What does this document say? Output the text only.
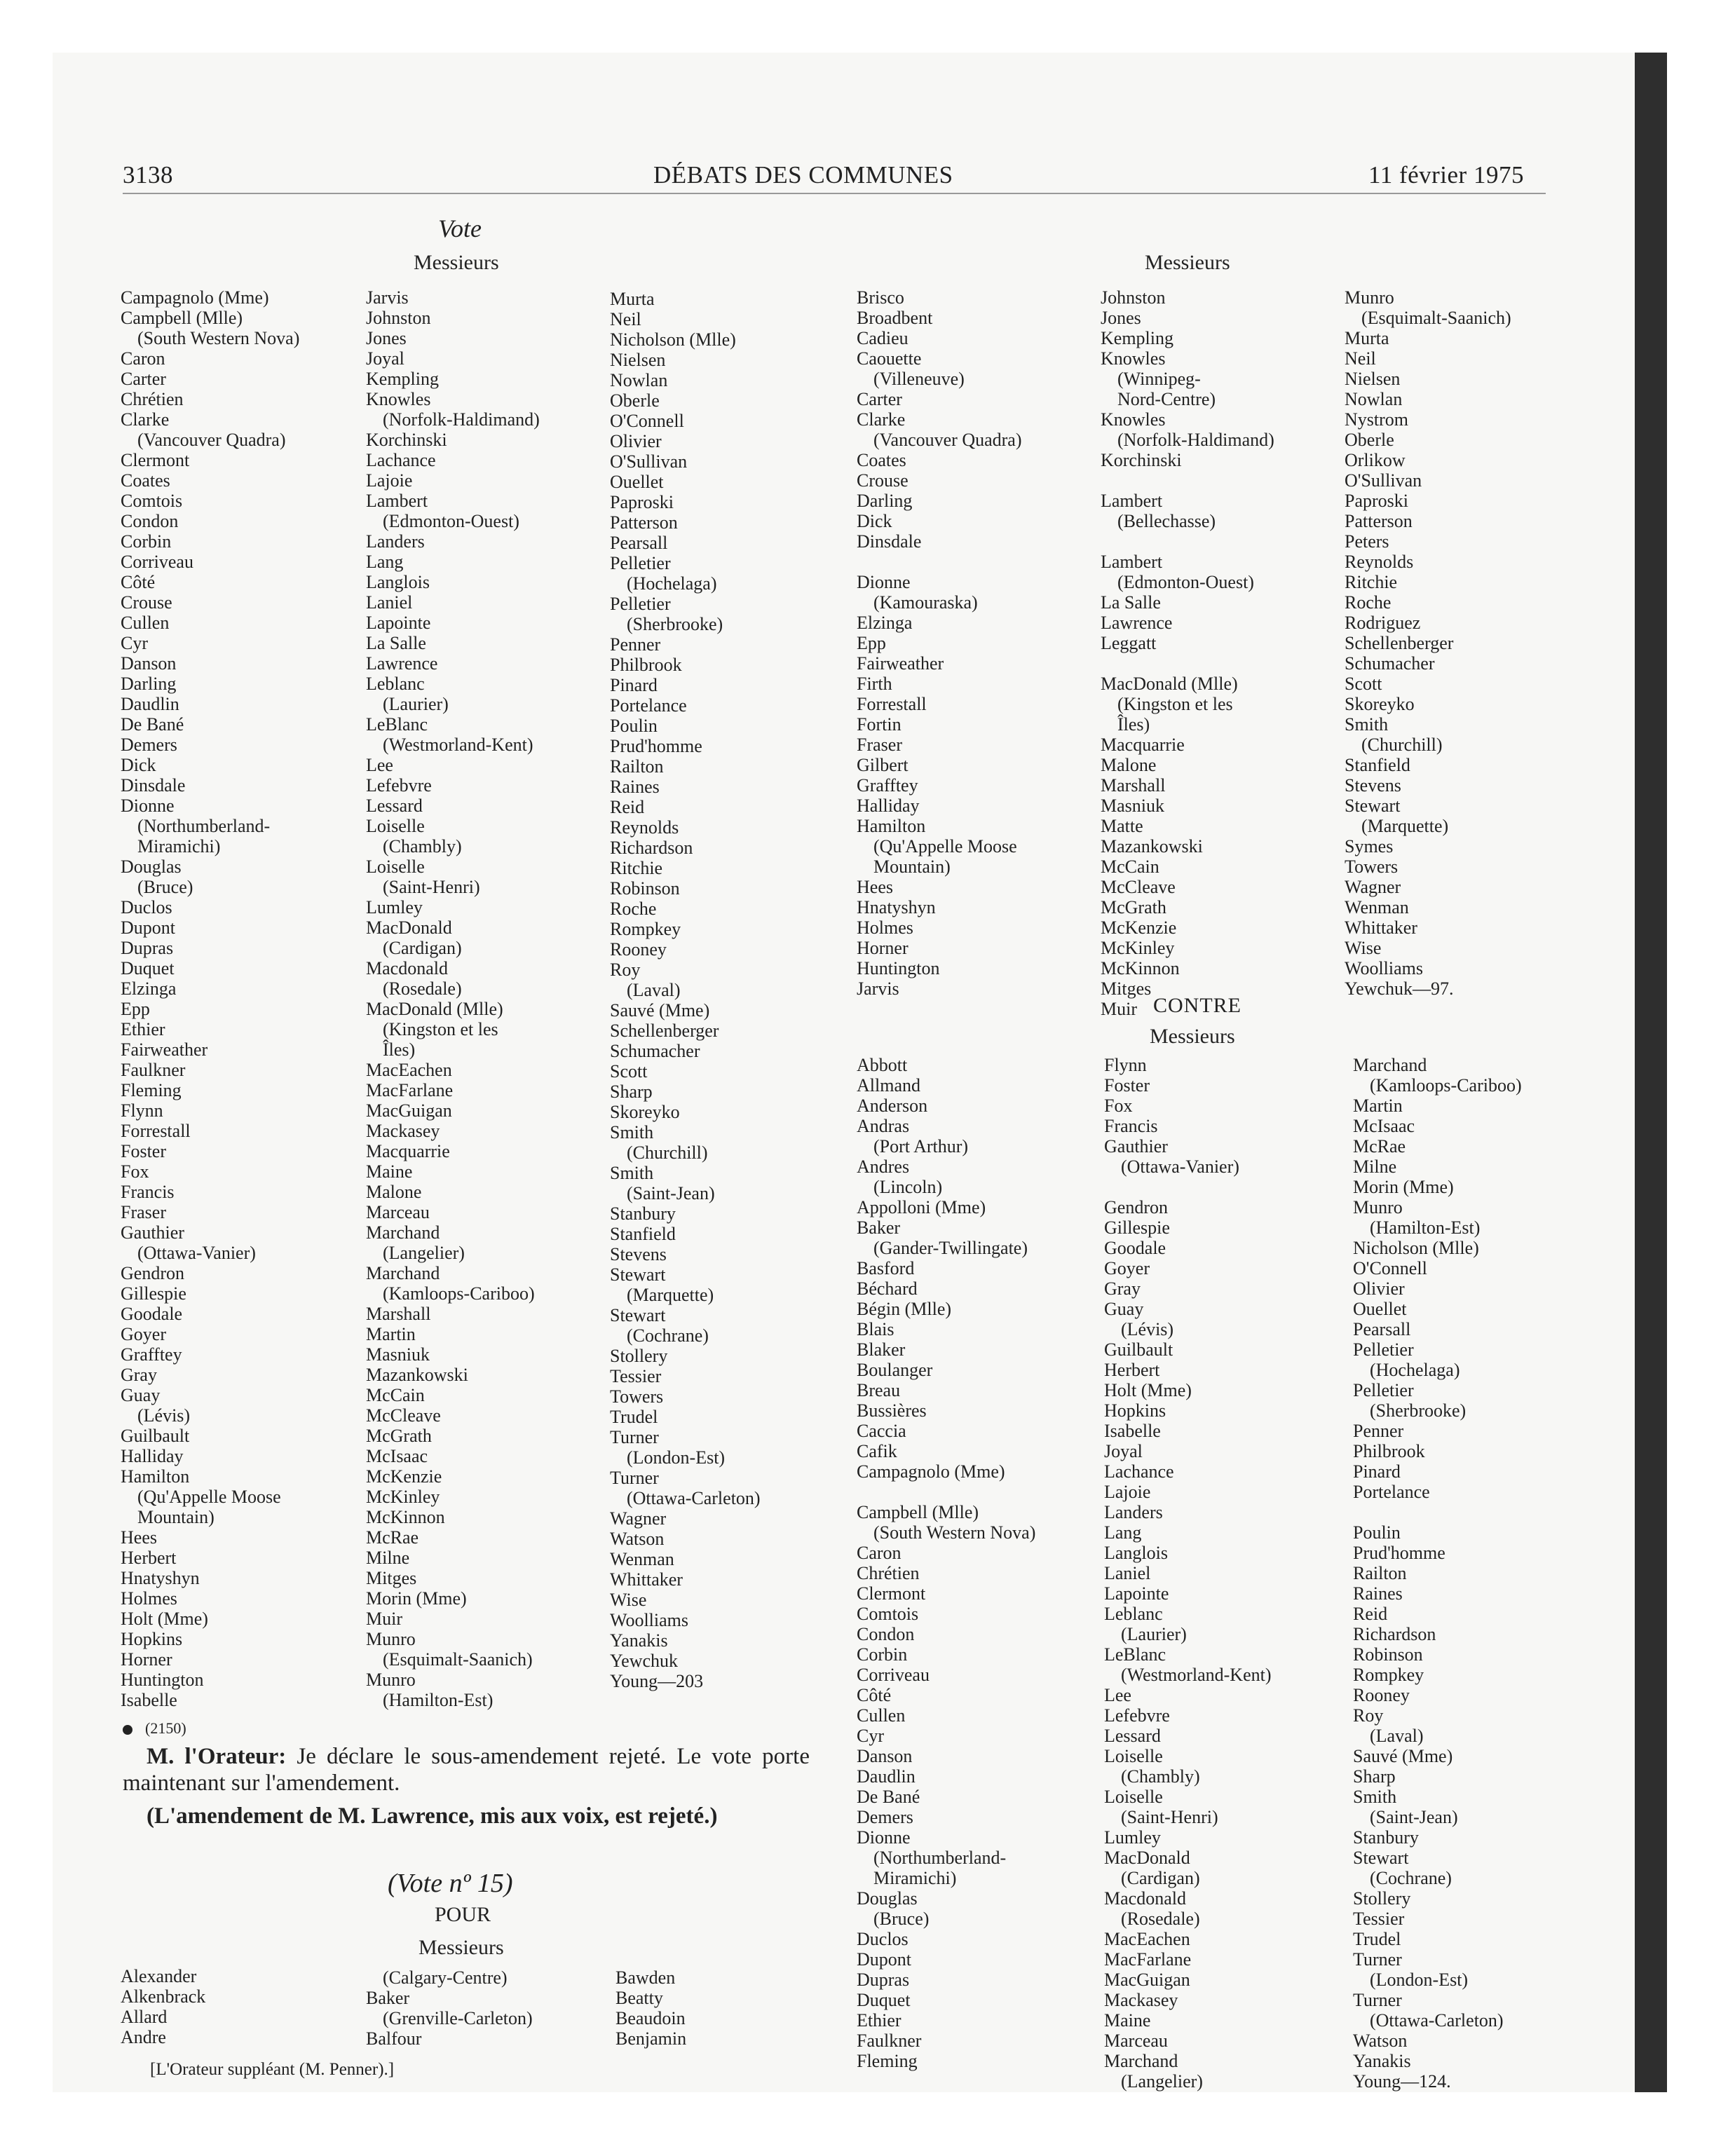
3138	DÉBATS DES COMMUNES	11 février 1975
Vote
Messieurs	Messieurs
Campagnolo (Mme)
Campbell (Mlle)
(South Western Nova)
Caron
Carter
Chrétien
Clarke
(Vancouver Quadra)
Clermont
Coates
Comtois
Condon
Corbin
Corriveau
Côté
Crouse
Cullen
Cyr
Danson
Darling
Daudlin
De Bané
Demers
Dick
Dinsdale
Dionne
(Northumberland-
Miramichi)
Douglas
(Bruce)
Duclos
Dupont
Dupras
Duquet
Elzinga
Epp
Ethier
Fairweather
Faulkner
Fleming
Flynn
Forrestall
Foster
Fox
Francis
Fraser
Gauthier
(Ottawa-Vanier)
Gendron
Gillespie
Goodale
Goyer
Grafftey
Gray
Guay
(Lévis)
Guilbault
Halliday
Hamilton
(Qu'Appelle Moose
Mountain)
Hees
Herbert
Hnatyshyn
Holmes
Holt (Mme)
Hopkins
Horner
Huntington
Isabelle
Jarvis
Johnston
Jones
Joyal
Kempling
Knowles
(Norfolk-Haldimand)
Korchinski
Lachance
Lajoie
Lambert
(Edmonton-Ouest)
Landers
Lang
Langlois
Laniel
Lapointe
La Salle
Lawrence
Leblanc
(Laurier)
LeBlanc
(Westmorland-Kent)
Lee
Lefebvre
Lessard
Loiselle
(Chambly)
Loiselle
(Saint-Henri)
Lumley
MacDonald
(Cardigan)
Macdonald
(Rosedale)
MacDonald (Mlle)
(Kingston et les
Îles)
MacEachen
MacFarlane
MacGuigan
Mackasey
Macquarrie
Maine
Malone
Marceau
Marchand
(Langelier)
Marchand
(Kamloops-Cariboo)
Marshall
Martin
Masniuk
Mazankowski
McCain
McCleave
McGrath
McIsaac
McKenzie
McKinley
McKinnon
McRae
Milne
Mitges
Morin (Mme)
Muir
Munro
(Esquimalt-Saanich)
Munro
(Hamilton-Est)
Murta
Neil
Nicholson (Mlle)
Nielsen
Nowlan
Oberle
O'Connell
Olivier
O'Sullivan
Ouellet
Paproski
Patterson
Pearsall
Pelletier
(Hochelaga)
Pelletier
(Sherbrooke)
Penner
Philbrook
Pinard
Portelance
Poulin
Prud'homme
Railton
Raines
Reid
Reynolds
Richardson
Ritchie
Robinson
Roche
Rompkey
Rooney
Roy
(Laval)
Sauvé (Mme)
Schellenberger
Schumacher
Scott
Sharp
Skoreyko
Smith
(Churchill)
Smith
(Saint-Jean)
Stanbury
Stanfield
Stevens
Stewart
(Marquette)
Stewart
(Cochrane)
Stollery
Tessier
Towers
Trudel
Turner
(London-Est)
Turner
(Ottawa-Carleton)
Wagner
Watson
Wenman
Whittaker
Wise
Woolliams
Yanakis
Yewchuk
Young—203
(2150)

M. l'Orateur: Je déclare le sous-amendement rejeté. Le vote porte maintenant sur l'amendement.

(L'amendement de M. Lawrence, mis aux voix, est rejeté.)

(Vote nº 15)
POUR
Messieurs
Alexander
Alkenbrack
Allard
Andre
(Calgary-Centre)
Baker
(Grenville-Carleton)
Balfour
Bawden
Beatty
Beaudoin
Benjamin
[L'Orateur suppléant (M. Penner).]
Brisco
Broadbent
Cadieu
Caouette
(Villeneuve)
Carter
Clarke
(Vancouver Quadra)
Coates
Crouse
Darling
Dick
Dinsdale
Dionne
(Kamouraska)
Elzinga
Epp
Fairweather
Firth
Forrestall
Fortin
Fraser
Gilbert
Grafftey
Halliday
Hamilton
(Qu'Appelle Moose
Mountain)
Hees
Hnatyshyn
Holmes
Horner
Huntington
Jarvis
Johnston
Jones
Kempling
Knowles
(Winnipeg-
Nord-Centre)
Knowles
(Norfolk-Haldimand)
Korchinski
Lambert
(Bellechasse)
Lambert
(Edmonton-Ouest)
La Salle
Lawrence
Leggatt
MacDonald (Mlle)
(Kingston et les
Îles)
Macquarrie
Malone
Marshall
Masniuk
Matte
Mazankowski
McCain
McCleave
McGrath
McKenzie
McKinley
McKinnon
Mitges
Muir
Munro
(Esquimalt-Saanich)
Murta
Neil
Nielsen
Nowlan
Nystrom
Oberle
Orlikow
O'Sullivan
Paproski
Patterson
Peters
Reynolds
Ritchie
Roche
Rodriguez
Schellenberger
Schumacher
Scott
Skoreyko
Smith
(Churchill)
Stanfield
Stevens
Stewart
(Marquette)
Symes
Towers
Wagner
Wenman
Whittaker
Wise
Woolliams
Yewchuk—97.
CONTRE
Messieurs
Abbott
Allmand
Anderson
Andras
(Port Arthur)
Andres
(Lincoln)
Appolloni (Mme)
Baker
(Gander-Twillingate)
Basford
Béchard
Bégin (Mlle)
Blais
Blaker
Boulanger
Breau
Bussières
Caccia
Cafik
Campagnolo (Mme)
Campbell (Mlle)
(South Western Nova)
Caron
Chrétien
Clermont
Comtois
Condon
Corbin
Corriveau
Côté
Cullen
Cyr
Danson
Daudlin
De Bané
Demers
Dionne
(Northumberland-
Miramichi)
Douglas
(Bruce)
Duclos
Dupont
Dupras
Duquet
Ethier
Faulkner
Fleming
Flynn
Foster
Fox
Francis
Gauthier
(Ottawa-Vanier)
Gendron
Gillespie
Goodale
Goyer
Gray
Guay
(Lévis)
Guilbault
Herbert
Holt (Mme)
Hopkins
Isabelle
Joyal
Lachance
Lajoie
Landers
Lang
Langlois
Laniel
Lapointe
Leblanc
(Laurier)
LeBlanc
(Westmorland-Kent)
Lee
Lefebvre
Lessard
Loiselle
(Chambly)
Loiselle
(Saint-Henri)
Lumley
MacDonald
(Cardigan)
Macdonald
(Rosedale)
MacEachen
MacFarlane
MacGuigan
Mackasey
Maine
Marceau
Marchand
(Langelier)
Marchand
(Kamloops-Cariboo)
Martin
McIsaac
McRae
Milne
Morin (Mme)
Munro
(Hamilton-Est)
Nicholson (Mlle)
O'Connell
Olivier
Ouellet
Pearsall
Pelletier
(Hochelaga)
Pelletier
(Sherbrooke)
Penner
Philbrook
Pinard
Portelance
Poulin
Prud'homme
Railton
Raines
Reid
Richardson
Robinson
Rompkey
Rooney
Roy
(Laval)
Sauvé (Mme)
Sharp
Smith
(Saint-Jean)
Stanbury
Stewart
(Cochrane)
Stollery
Tessier
Trudel
Turner
(London-Est)
Turner
(Ottawa-Carleton)
Watson
Yanakis
Young—124.
